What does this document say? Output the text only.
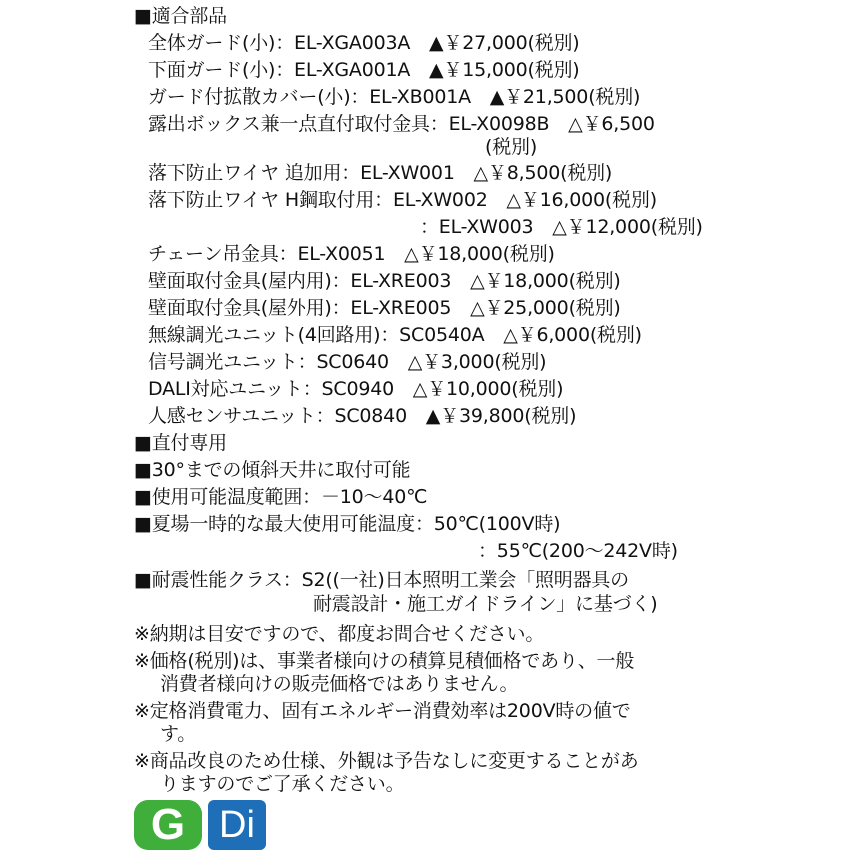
■適合部品
全体ガード(小)：EL-XGA003A　▲￥27,000(税別)
下面ガード(小)：EL-XGA001A　▲￥15,000(税別)
ガード付拡散カバー(小)：EL-XB001A　▲￥21,500(税別)
露出ボックス兼一点直付取付金具：EL-X0098B　△￥6,500
(税別)
落下防止ワイヤ 追加用：EL-XW001　△￥8,500(税別)
落下防止ワイヤ H鋼取付用：EL-XW002　△￥16,000(税別)
：EL-XW003　△￥12,000(税別)
チェーン吊金具：EL-X0051　△￥18,000(税別)
壁面取付金具(屋内用)：EL-XRE003　△￥18,000(税別)
壁面取付金具(屋外用)：EL-XRE005　△￥25,000(税別)
無線調光ユニット(4回路用)：SC0540A　△￥6,000(税別)
信号調光ユニット：SC0640　△￥3,000(税別)
DALI対応ユニット：SC0940　△￥10,000(税別)
人感センサユニット：SC0840　▲￥39,800(税別)
■直付専用
■30°までの傾斜天井に取付可能
■使用可能温度範囲：－10～40℃
■夏場一時的な最大使用可能温度：50℃(100V時)
：55℃(200～242V時)
■耐震性能クラス：S2((一社)日本照明工業会「照明器具の
耐震設計・施工ガイドライン」に基づく)
※納期は目安ですので、都度お問合せください。
※価格(税別)は、事業者様向けの積算見積価格であり、一般
消費者様向けの販売価格ではありません。
※定格消費電力、固有エネルギー消費効率は200V時の値で
す。
※商品改良のため仕様、外観は予告なしに変更することがあ
りますのでご了承ください。
G Di
